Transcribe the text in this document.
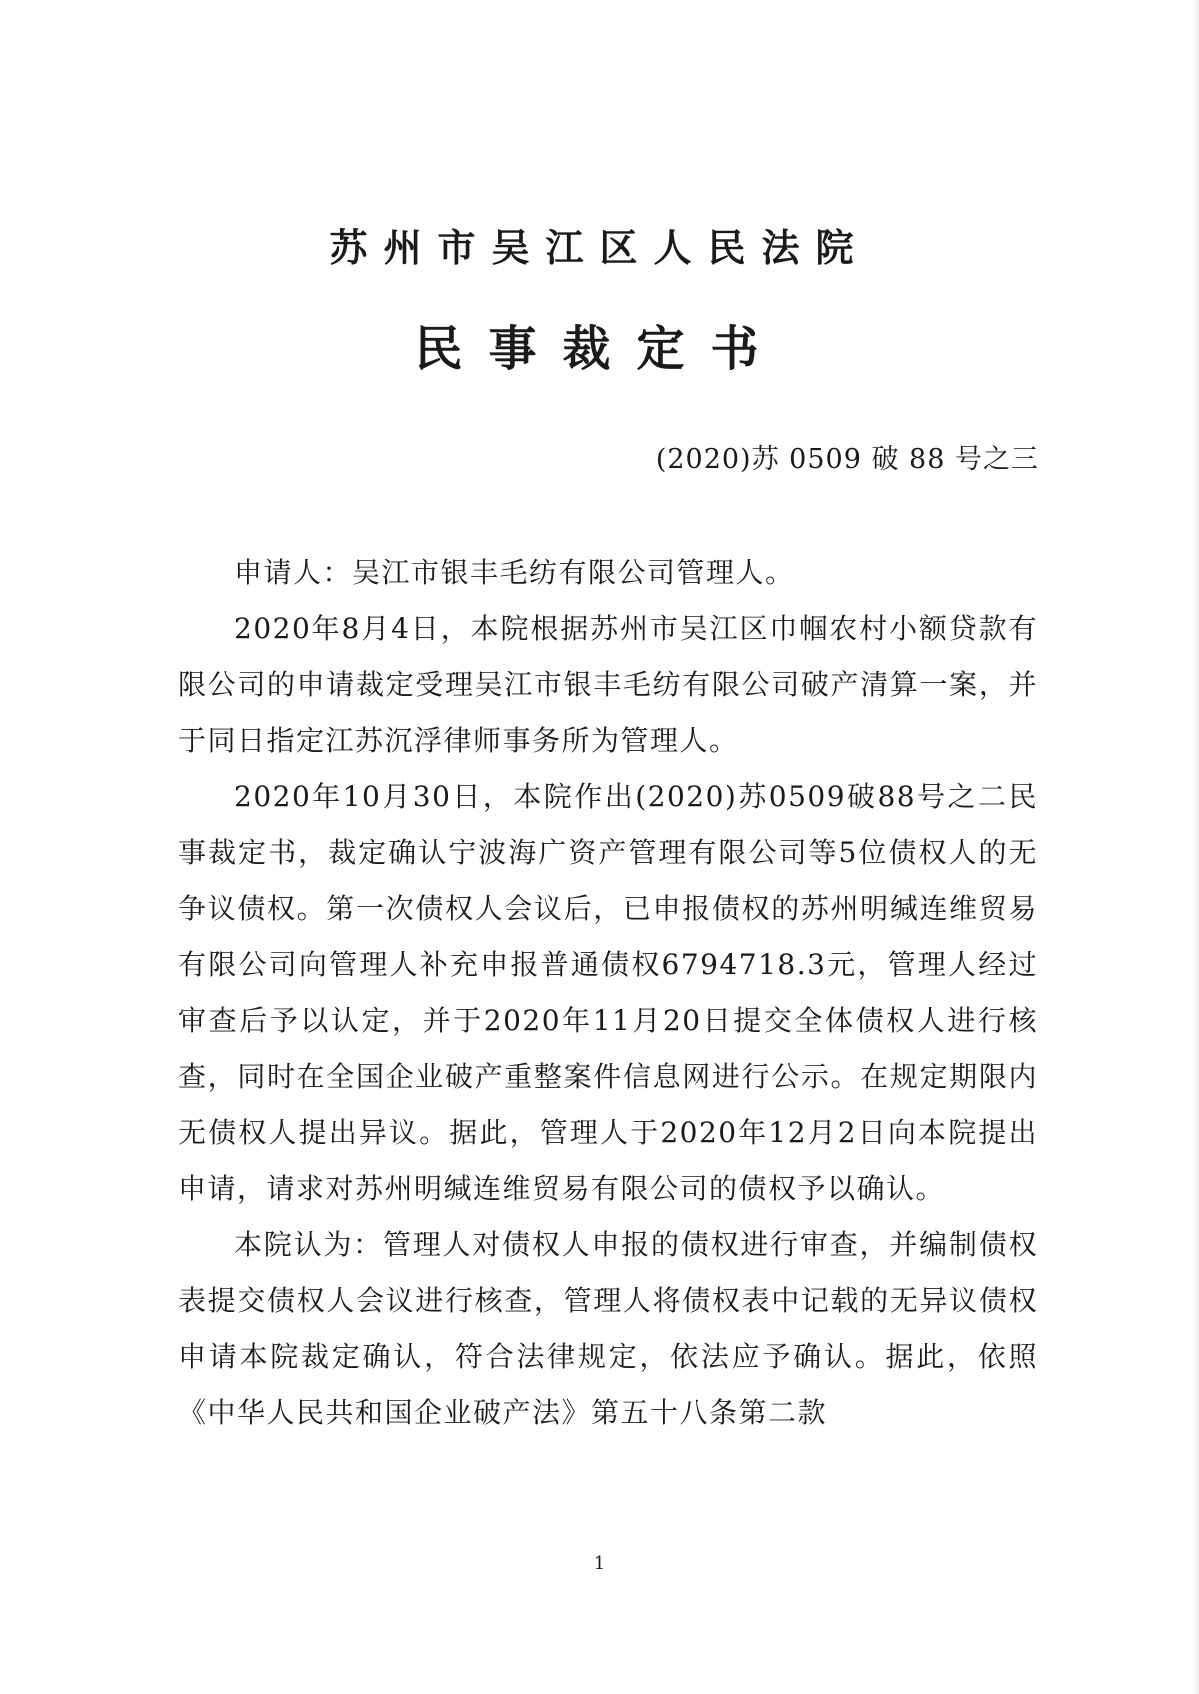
苏州市吴江区人民法院
民事裁定书
(2020)苏 0509 破 88 号之三

申请人：吴江市银丰毛纺有限公司管理人。

2020年8月4日，本院根据苏州市吴江区巾帼农村小额贷款有限公司的申请裁定受理吴江市银丰毛纺有限公司破产清算一案，并于同日指定江苏沉浮律师事务所为管理人。

2020年10月30日，本院作出(2020)苏0509破88号之二民事裁定书，裁定确认宁波海广资产管理有限公司等5位债权人的无争议债权。第一次债权人会议后，已申报债权的苏州明缄连维贸易有限公司向管理人补充申报普通债权6794718.3元，管理人经过审查后予以认定，并于2020年11月20日提交全体债权人进行核查，同时在全国企业破产重整案件信息网进行公示。在规定期限内无债权人提出异议。据此，管理人于2020年12月2日向本院提出申请，请求对苏州明缄连维贸易有限公司的债权予以确认。

本院认为：管理人对债权人申报的债权进行审查，并编制债权表提交债权人会议进行核查，管理人将债权表中记载的无异议债权申请本院裁定确认，符合法律规定，依法应予确认。据此，依照《中华人民共和国企业破产法》第五十八条第二款

1
